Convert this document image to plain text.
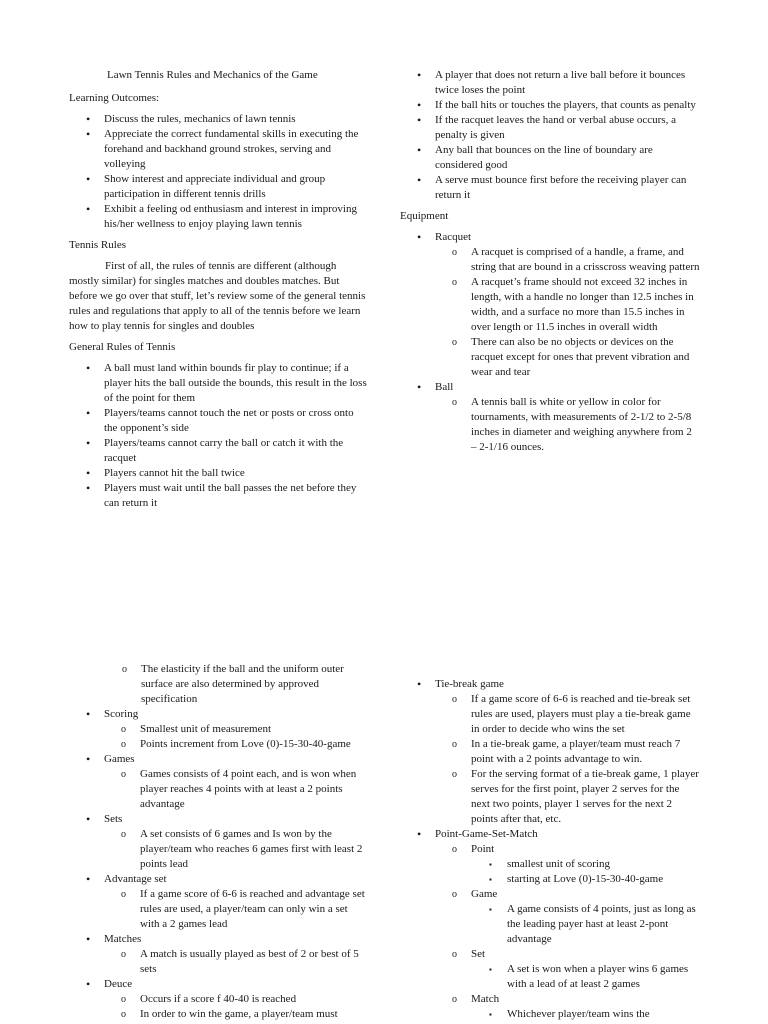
Lawn Tennis Rules and Mechanics of the Game

Learning Outcomes:

• Discuss the rules, mechanics of lawn tennis
• Appreciate the correct fundamental skills in executing the forehand and backhand ground strokes, serving and volleying
• Show interest and appreciate individual and group participation in different tennis drills
• Exhibit a feeling od enthusiasm and interest in improving his/her wellness to enjoy playing lawn tennis

Tennis Rules

First of all, the rules of tennis are different (although mostly similar) for singles matches and doubles matches. But before we go over that stuff, let’s review some of the general tennis rules and regulations that apply to all of the tennis before we learn how to play tennis for singles and doubles

General Rules of Tennis

• A ball must land within bounds fir play to continue; if a player hits the ball outside the bounds, this result in the loss of the point for them
• Players/teams cannot touch the net or posts or cross onto the opponent’s side
• Players/teams cannot carry the ball or catch it with the racquet
• Players cannot hit the ball twice
• Players must wait until the ball passes the net before they can return it
• A player that does not return a live ball before it bounces twice loses the point
• If the ball hits or touches the players, that counts as penalty
• If the racquet leaves the hand or verbal abuse occurs, a penalty is given
• Any ball that bounces on the line of boundary are considered good
• A serve must bounce first before the receiving player can return it

Equipment

• Racquet
o A racquet is comprised of a handle, a frame, and string that are bound in a crisscross weaving pattern
o A racquet’s frame should not exceed 32 inches in length, with a handle no longer than 12.5 inches in width, and a surface no more than 15.5 inches in over length or 11.5 inches in overall width
o There can also be no objects or devices on the racquet except for ones that prevent vibration and wear and tear
• Ball
o A tennis ball is white or yellow in color for tournaments, with measurements of 2-1/2 to 2-5/8 inches in diameter and weighing anywhere from 2 – 2-1/16 ounces.
o The elasticity if the ball and the uniform outer surface are also determined by approved specification
• Scoring
o Smallest unit of measurement
o Points increment from Love (0)-15-30-40-game
• Games
o Games consists of 4 point each, and is won when player reaches 4 points with at least a 2 points advantage
• Sets
o A set consists of 6 games and Is won by the player/team who reaches 6 games first with least 2 points lead
• Advantage set
o If a game score of 6-6 is reached and advantage set rules are used, a player/team can only win a set with a 2 games lead
• Matches
o A match is usually played as best of 2 or best of 5 sets
• Deuce
o Occurs if a score f 40-40 is reached
o In order to win the game, a player/team must
• Tie-break game
o If a game score of 6-6 is reached and tie-break set rules are used, players must play a tie-break game in order to decide who wins the set
o In a tie-break game, a player/team must reach 7 point with a 2 points advantage to win.
o For the serving format of a tie-break game, 1 player serves for the first point, player 2 serves for the next two points, player 1 serves for the next 2 points after that, etc.
• Point-Game-Set-Match
o Point
▪ smallest unit of scoring
▪ starting at Love (0)-15-30-40-game
o Game
▪ A game consists of 4 points, just as long as the leading payer hast at least 2-pont advantage
o Set
▪ A set is won when a player wins 6 games with a lead of at least 2 games
o Match
▪ Whichever player/team wins the
